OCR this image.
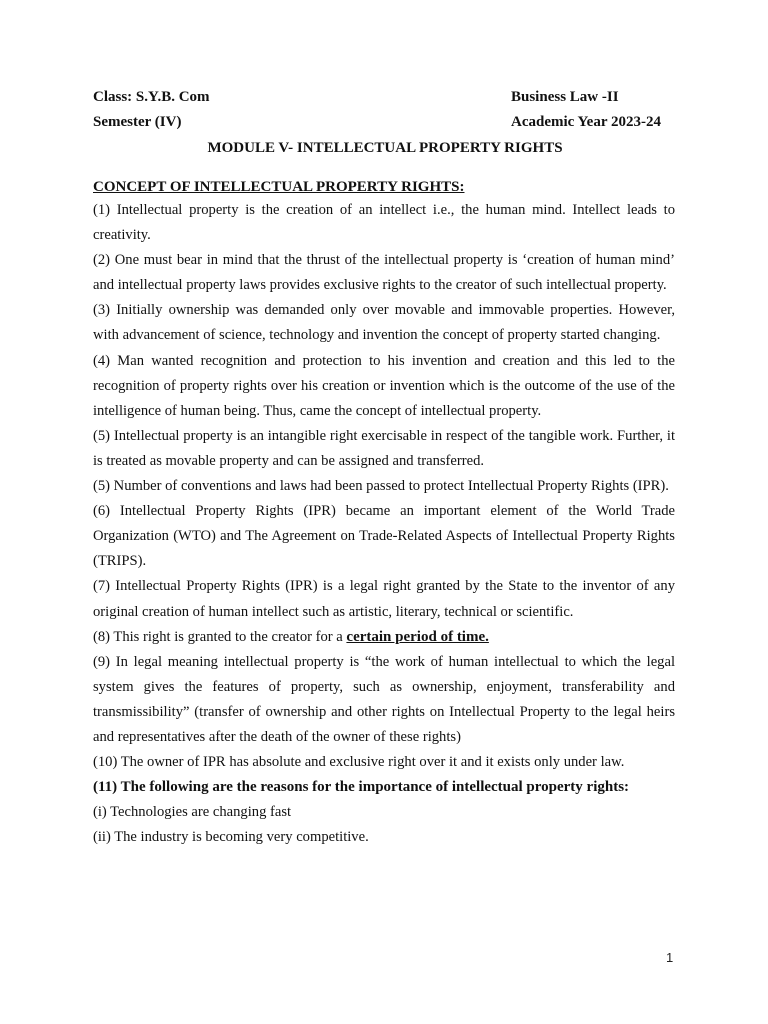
Class: S.Y.B. Com	Business Law -II
Semester (IV)	Academic Year 2023-24
MODULE V- INTELLECTUAL PROPERTY RIGHTS

CONCEPT OF INTELLECTUAL PROPERTY RIGHTS:

(1) Intellectual property is the creation of an intellect i.e., the human mind. Intellect leads to creativity.

(2) One must bear in mind that the thrust of the intellectual property is ‘creation of human mind’ and intellectual property laws provides exclusive rights to the creator of such intellectual property.

(3) Initially ownership was demanded only over movable and immovable properties. However, with advancement of science, technology and invention the concept of property started changing.

(4) Man wanted recognition and protection to his invention and creation and this led to the recognition of property rights over his creation or invention which is the outcome of the use of the intelligence of human being. Thus, came the concept of intellectual property.

(5) Intellectual property is an intangible right exercisable in respect of the tangible work. Further, it is treated as movable property and can be assigned and transferred.

(5) Number of conventions and laws had been passed to protect Intellectual Property Rights (IPR).

(6) Intellectual Property Rights (IPR) became an important element of the World Trade Organization (WTO) and The Agreement on Trade-Related Aspects of Intellectual Property Rights (TRIPS).

(7) Intellectual Property Rights (IPR) is a legal right granted by the State to the inventor of any original creation of human intellect such as artistic, literary, technical or scientific.

(8) This right is granted to the creator for a certain period of time.

(9) In legal meaning intellectual property is “the work of human intellectual to which the legal system gives the features of property, such as ownership, enjoyment, transferability and transmissibility” (transfer of ownership and other rights on Intellectual Property to the legal heirs and representatives after the death of the owner of these rights)

(10) The owner of IPR has absolute and exclusive right over it and it exists only under law.

(11) The following are the reasons for the importance of intellectual property rights:

(i) Technologies are changing fast

(ii) The industry is becoming very competitive.

1
